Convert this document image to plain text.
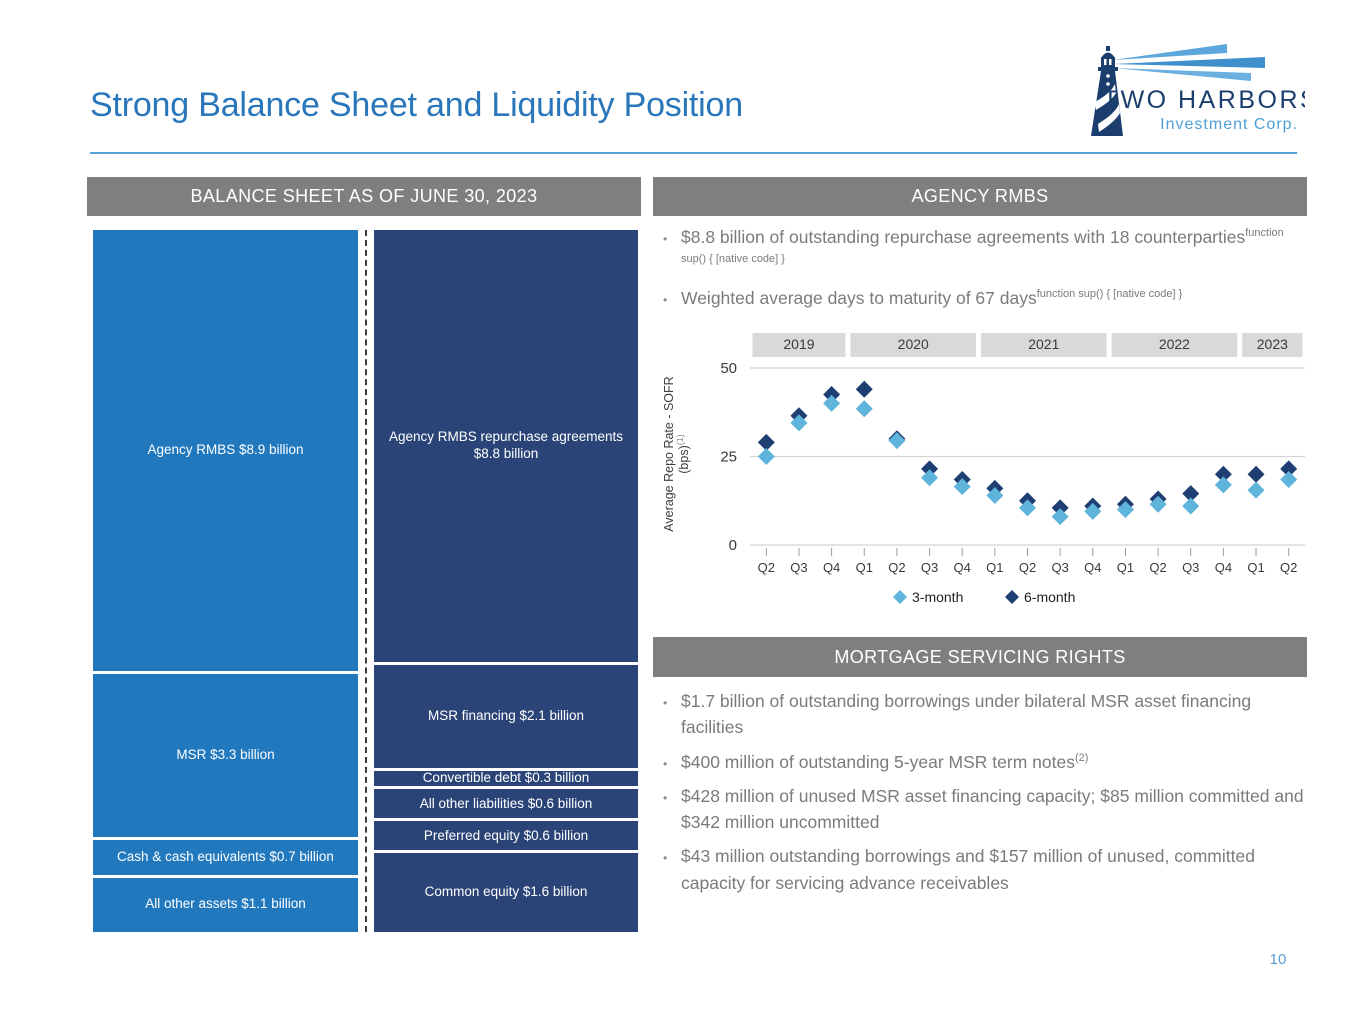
Strong Balance Sheet and Liquidity Position	TWO HARBORS
Investment Corp.
BALANCE SHEET AS OF JUNE 30, 2023
Agency RMBS $8.9 billion
MSR $3.3 billion
Cash & cash equivalents $0.7 billion
All other assets $1.1 billion
Agency RMBS repurchase agreements $8.8 billion
MSR financing $2.1 billion
Convertible debt $0.3 billion
All other liabilities $0.6 billion
Preferred equity $0.6 billion
Common equity $1.6 billion
AGENCY RMBS
• $8.8 billion of outstanding repurchase agreements with 18 counterparties$^{function sup() \{ [native code] \}}$
• Weighted average days to maturity of 67 days$^{function sup() \{ [native code] \}}$
2019	2020	2021	2022	2023
0
25
50
Q2 Q3 Q4 Q1 Q2 Q3 Q4 Q1 Q2 Q3 Q4 Q1 Q2 Q3 Q4 Q1 Q2
Average Repo Rate - SOFR (bps)$^{(1)}$
3-month	6-month
MORTGAGE SERVICING RIGHTS
• $1.7 billion of outstanding borrowings under bilateral MSR asset financing facilities
• $400 million of outstanding 5-year MSR term notes$^{(2)}$
• $428 million of unused MSR asset financing capacity; $85 million committed and $342 million uncommitted
• $43 million outstanding borrowings and $157 million of unused, committed capacity for servicing advance receivables
10
